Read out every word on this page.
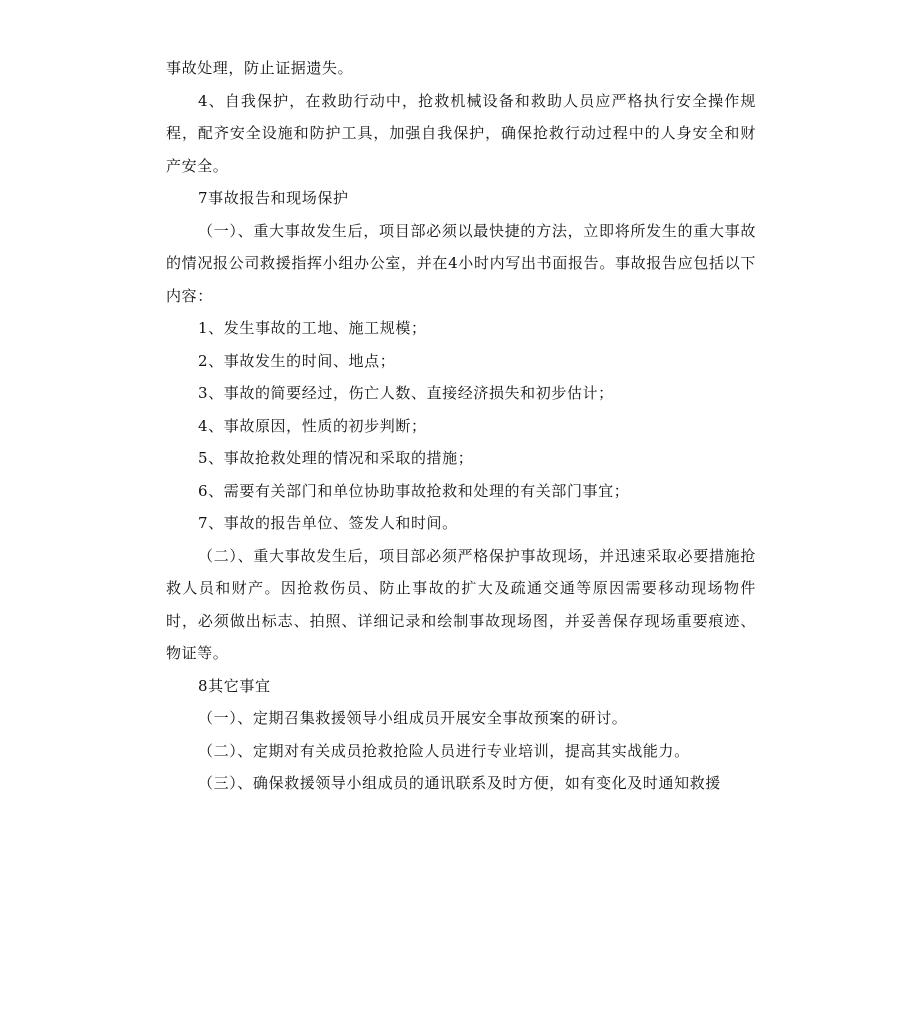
事故处理，防止证据遗失。

4、自我保护，在救助行动中，抢救机械设备和救助人员应严格执行安全操作规程，配齐安全设施和防护工具，加强自我保护，确保抢救行动过程中的人身安全和财产安全。

7事故报告和现场保护

（一）、重大事故发生后，项目部必须以最快捷的方法，立即将所发生的重大事故的情况报公司救援指挥小组办公室，并在4小时内写出书面报告。事故报告应包括以下内容：

1、发生事故的工地、施工规模；

2、事故发生的时间、地点；

3、事故的简要经过，伤亡人数、直接经济损失和初步估计；

4、事故原因，性质的初步判断；

5、事故抢救处理的情况和采取的措施；

6、需要有关部门和单位协助事故抢救和处理的有关部门事宜；

7、事故的报告单位、签发人和时间。

（二）、重大事故发生后，项目部必须严格保护事故现场，并迅速采取必要措施抢救人员和财产。因抢救伤员、防止事故的扩大及疏通交通等原因需要移动现场物件时，必须做出标志、拍照、详细记录和绘制事故现场图，并妥善保存现场重要痕迹、物证等。

8其它事宜

（一）、定期召集救援领导小组成员开展安全事故预案的研讨。

（二）、定期对有关成员抢救抢险人员进行专业培训，提高其实战能力。

（三）、确保救援领导小组成员的通讯联系及时方便，如有变化及时通知救援
